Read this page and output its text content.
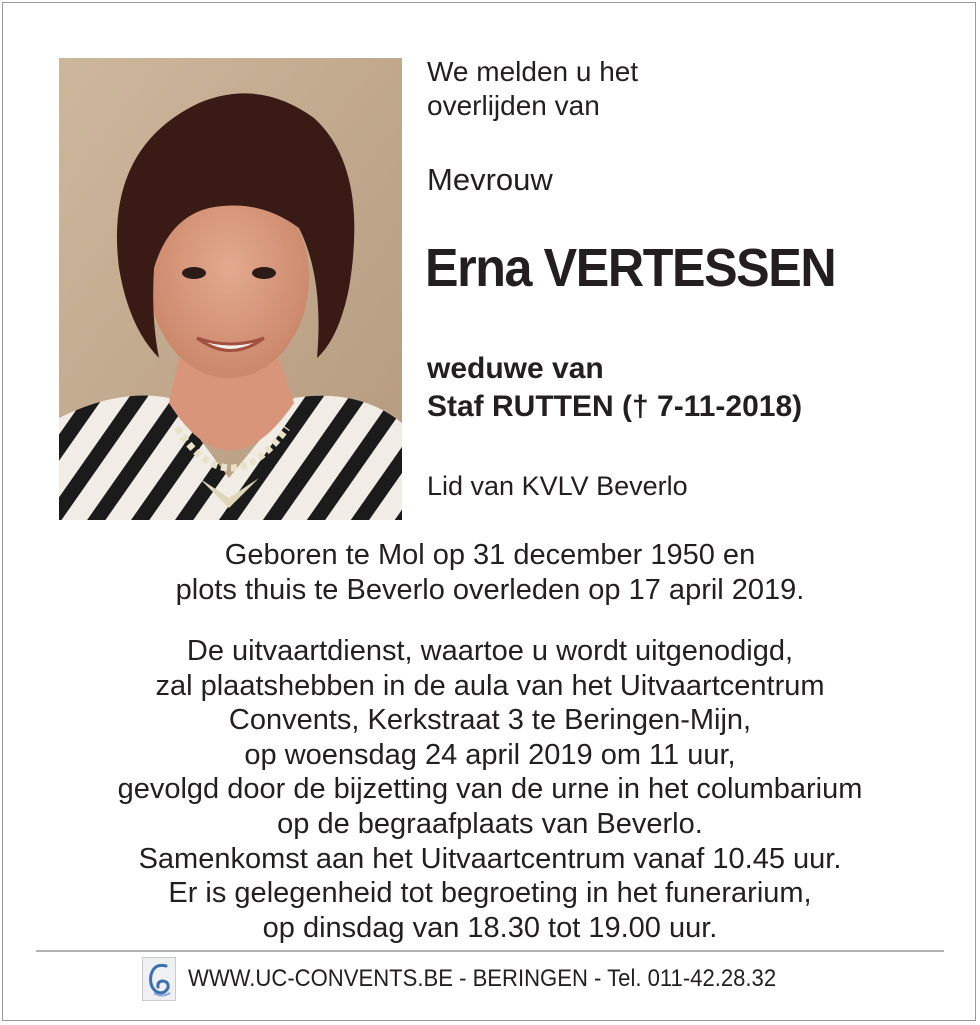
We melden u het
overlijden van

Mevrouw

Erna VERTESSEN

weduwe van

Staf RUTTEN († 7-11-2018)

Lid van KVLV Beverlo

Geboren te Mol op 31 december 1950 en
plots thuis te Beverlo overleden op 17 april 2019.

De uitvaartdienst, waartoe u wordt uitgenodigd,
zal plaatshebben in de aula van het Uitvaartcentrum
Convents, Kerkstraat 3 te Beringen-Mijn,
op woensdag 24 april 2019 om 11 uur,
gevolgd door de bijzetting van de urne in het columbarium
op de begraafplaats van Beverlo.
Samenkomst aan het Uitvaartcentrum vanaf 10.45 uur.
Er is gelegenheid tot begroeting in het funerarium,
op dinsdag van 18.30 tot 19.00 uur.

WWW.UC-CONVENTS.BE - BERINGEN - Tel. 011-42.28.32
